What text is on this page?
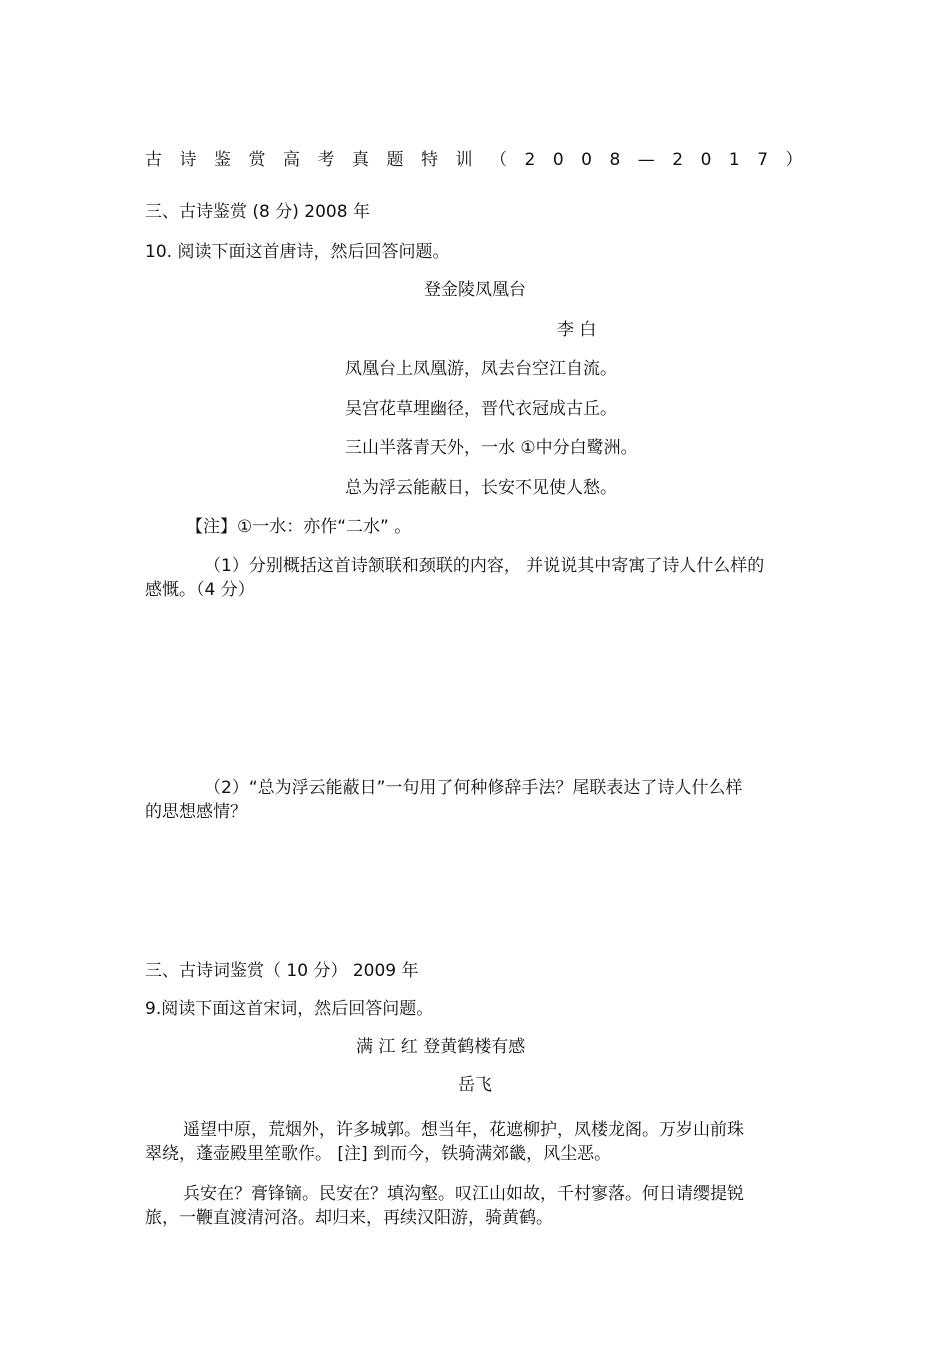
古诗鉴赏高考真题特训（2008—2017）
三、古诗鉴赏 (8 分) 2008 年
10. 阅读下面这首唐诗，然后回答问题。
登金陵凤凰台
李 白
凤凰台上凤凰游，凤去台空江自流。
吴宫花草埋幽径，晋代衣冠成古丘。
三山半落青天外，一水 ①中分白鹭洲。
总为浮云能蔽日，长安不见使人愁。
【注】①一水：亦作“二水” 。
（1）分别概括这首诗颔联和颈联的内容， 并说说其中寄寓了诗人什么样的
感慨。（4 分）
（2）“总为浮云能蔽日”一句用了何种修辞手法？尾联表达了诗人什么样
的思想感情？
三、古诗词鉴赏（ 10 分） 2009 年
9.阅读下面这首宋词，然后回答问题。
满 江 红 登黄鹤楼有感
岳飞
遥望中原，荒烟外，许多城郭。想当年，花遮柳护，凤楼龙阁。万岁山前珠
翠绕，蓬壶殿里笙歌作。 [注] 到而今，铁骑满郊畿，风尘恶。
兵安在？膏锋镝。民安在？填沟壑。叹江山如故，千村寥落。何日请缨提锐
旅，一鞭直渡清河洛。却归来，再续汉阳游，骑黄鹤。
